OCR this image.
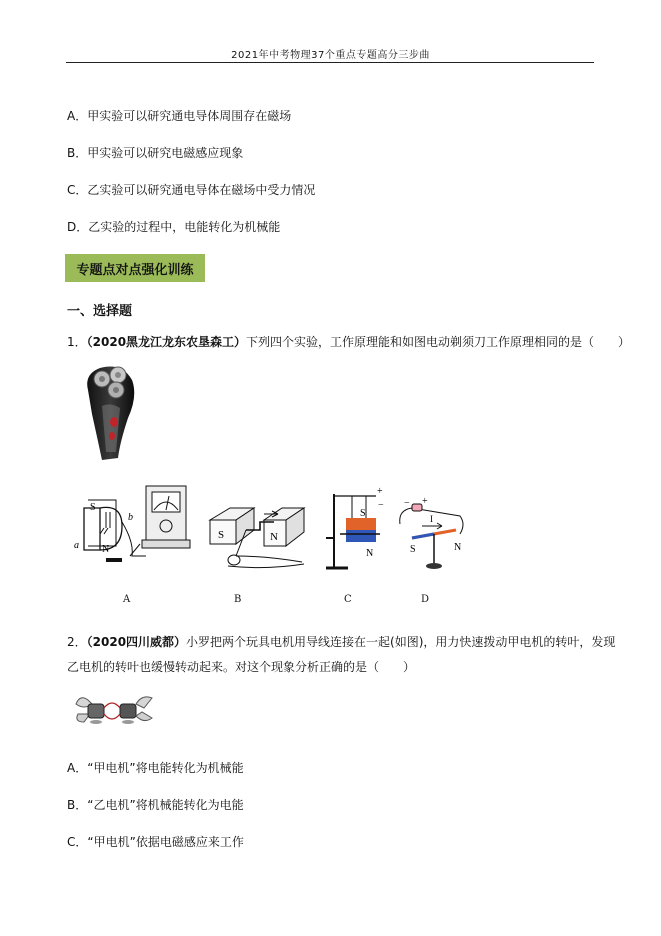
2021年中考物理37个重点专题高分三步曲
A．甲实验可以研究通电导体周围存在磁场
B．甲实验可以研究电磁感应现象
C．乙实验可以研究通电导体在磁场中受力情况
D．乙实验的过程中，电能转化为机械能
专题点对点强化训练
一、选择题
1．（2020黑龙江龙东农垦森工）下列四个实验，工作原理能和如图电动剃须刀工作原理相同的是（　　）
S
N
a
b
S	N
S
N
+
−	+
−
I
S	N
A	B	C	D
2．（2020四川威都）小罗把两个玩具电机用导线连接在一起(如图)，用力快速拨动甲电机的转叶，发现
乙电机的转叶也缓慢转动起来。对这个现象分析正确的是（　　）
A．“甲电机”将电能转化为机械能
B．“乙电机”将机械能转化为电能
C．“甲电机”依据电磁感应来工作
